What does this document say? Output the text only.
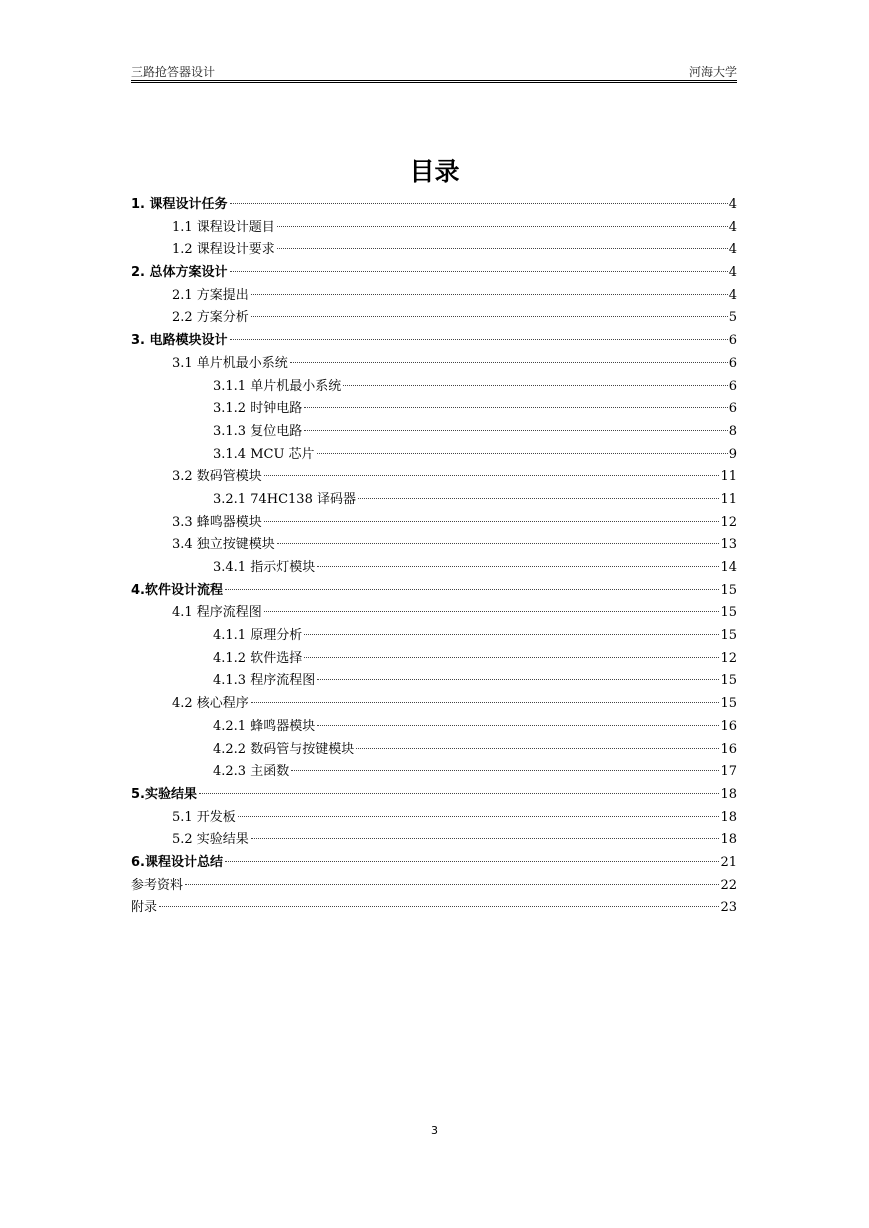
三路抢答器设计	河海大学
目录
1. 课程设计任务	4
1.1 课程设计题目	4
1.2 课程设计要求	4
2. 总体方案设计	4
2.1 方案提出	4
2.2 方案分析	5
3. 电路模块设计	6
3.1 单片机最小系统	6
3.1.1 单片机最小系统	6
3.1.2 时钟电路	6
3.1.3 复位电路	8
3.1.4 MCU 芯片	9
3.2 数码管模块	11
3.2.1 74HC138 译码器	11
3.3 蜂鸣器模块	12
3.4 独立按键模块	13
3.4.1 指示灯模块	14
4.软件设计流程	15
4.1 程序流程图	15
4.1.1 原理分析	15
4.1.2 软件选择	12
4.1.3 程序流程图	15
4.2 核心程序	15
4.2.1 蜂鸣器模块	16
4.2.2 数码管与按键模块	16
4.2.3 主函数	17
5.实验结果	18
5.1 开发板	18
5.2 实验结果	18
6.课程设计总结	21
参考资料	22
附录	23
3
